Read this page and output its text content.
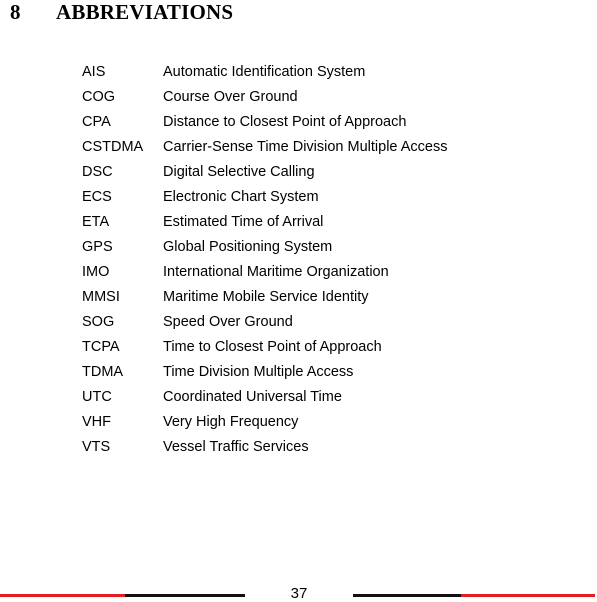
8	ABBREVIATIONS
AIS	Automatic Identification System
COG	Course Over Ground
CPA	Distance to Closest Point of Approach
CSTDMA	Carrier-Sense Time Division Multiple Access
DSC	Digital Selective Calling
ECS	Electronic Chart System
ETA	Estimated Time of Arrival
GPS	Global Positioning System
IMO	International Maritime Organization
MMSI	Maritime Mobile Service Identity
SOG	Speed Over Ground
TCPA	Time to Closest Point of Approach
TDMA	Time Division Multiple Access
UTC	Coordinated Universal Time
VHF	Very High Frequency
VTS	Vessel Traffic Services
37
